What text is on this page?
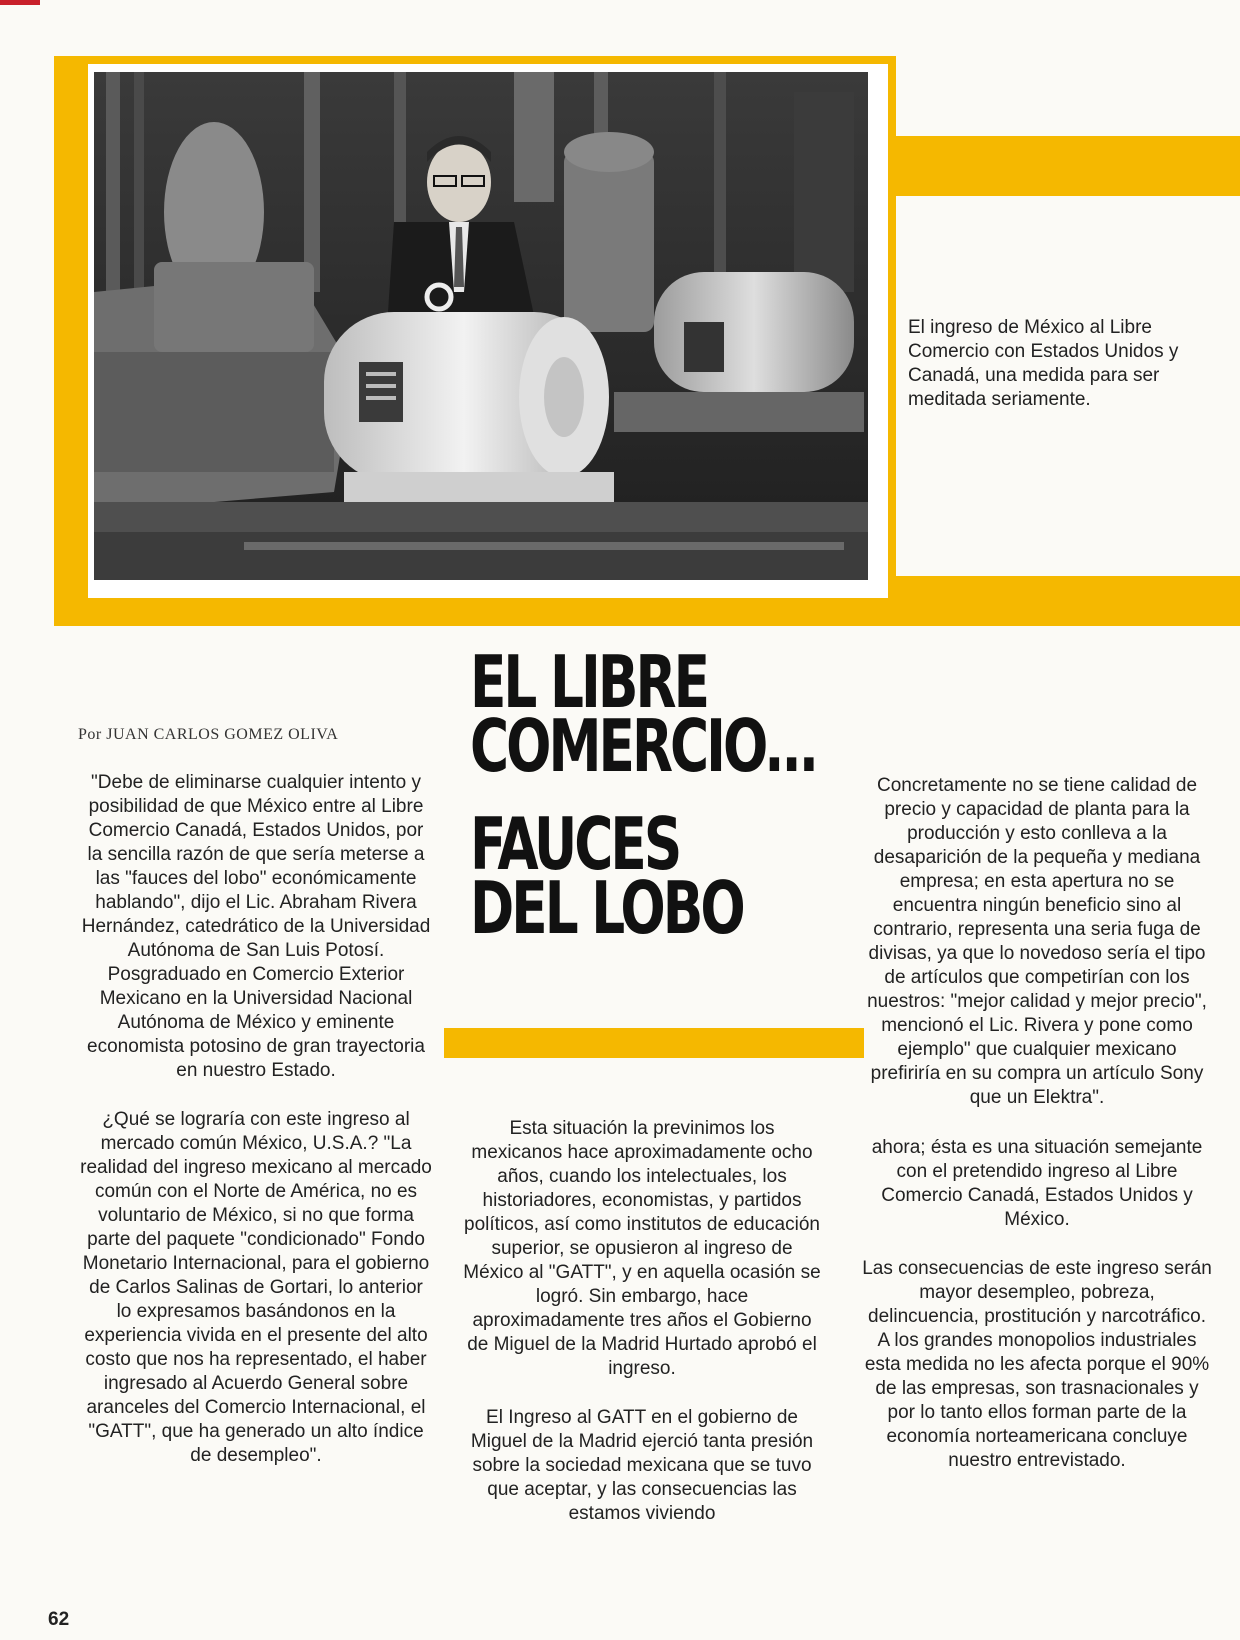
El ingreso de México al Libre Comercio con Estados Unidos y Canadá, una medida para ser meditada seriamente.
Por JUAN CARLOS GOMEZ OLIVA
EL LIBRE
COMERCIO...
FAUCES
DEL LOBO

"Debe de eliminarse cualquier intento y posibilidad de que México entre al Libre Comercio Canadá, Estados Unidos, por la sencilla razón de que sería meterse a las "fauces del lobo" económicamente hablando", dijo el Lic. Abraham Rivera Hernández, catedrático de la Universidad Autónoma de San Luis Potosí. Posgraduado en Comercio Exterior Mexicano en la Universidad Nacional Autónoma de México y eminente economista potosino de gran trayectoria en nuestro Estado.

¿Qué se lograría con este ingreso al mercado común México, U.S.A.? "La realidad del ingreso mexicano al mercado común con el Norte de América, no es voluntario de México, si no que forma parte del paquete "condicionado" Fondo Monetario Internacional, para el gobierno de Carlos Salinas de Gortari, lo anterior lo expresamos basándonos en la experiencia vivida en el presente del alto costo que nos ha representado, el haber ingresado al Acuerdo General sobre aranceles del Comercio Internacional, el "GATT", que ha generado un alto índice de desempleo".

Esta situación la previnimos los mexicanos hace aproximadamente ocho años, cuando los intelectuales, los historiadores, economistas, y partidos políticos, así como institutos de educación superior, se opusieron al ingreso de México al "GATT", y en aquella ocasión se logró. Sin embargo, hace aproximadamente tres años el Gobierno de Miguel de la Madrid Hurtado aprobó el ingreso.

El Ingreso al GATT en el gobierno de Miguel de la Madrid ejerció tanta presión sobre la sociedad mexicana que se tuvo que aceptar, y las consecuencias las estamos viviendo

Concretamente no se tiene calidad de precio y capacidad de planta para la producción y esto conlleva a la desaparición de la pequeña y mediana empresa; en esta apertura no se encuentra ningún beneficio sino al contrario, representa una seria fuga de divisas, ya que lo novedoso sería el tipo de artículos que competirían con los nuestros: "mejor calidad y mejor precio", mencionó el Lic. Rivera y pone como ejemplo" que cualquier mexicano prefiriría en su compra un artículo Sony que un Elektra".

ahora; ésta es una situación semejante con el pretendido ingreso al Libre Comercio Canadá, Estados Unidos y México.

Las consecuencias de este ingreso serán mayor desempleo, pobreza, delincuencia, prostitución y narcotráfico. A los grandes monopolios industriales esta medida no les afecta porque el 90% de las empresas, son trasnacionales y por lo tanto ellos forman parte de la economía norteamericana concluye nuestro entrevistado.

62
